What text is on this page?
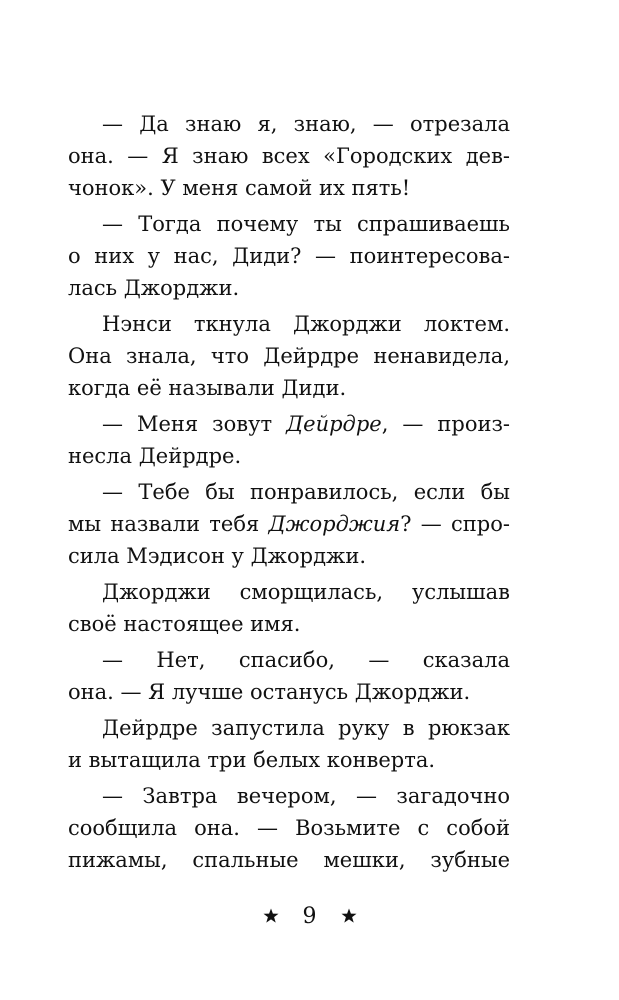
— Да знаю я, знаю, — отрезала
она. — Я знаю всех «Городских дев-
чонок». У меня самой их пять!
— Тогда почему ты спрашиваешь
о них у нас, Диди? — поинтересова-
лась Джорджи.
Нэнси ткнула Джорджи локтем.
Она знала, что Дейрдре ненавидела,
когда её называли Диди.
— Меня зовут Дейрдре, — произ-
несла Дейрдре.
— Тебе бы понравилось, если бы
мы назвали тебя Джорджия? — спро-
сила Мэдисон у Джорджи.
Джорджи сморщилась, услышав
своё настоящее имя.
— Нет, спасибо, — сказала
она. — Я лучше останусь Джорджи.
Дейрдре запустила руку в рюкзак
и вытащила три белых конверта.
— Завтра вечером, — загадочно
сообщила она. — Возьмите с собой
пижамы, спальные мешки, зубные
9
